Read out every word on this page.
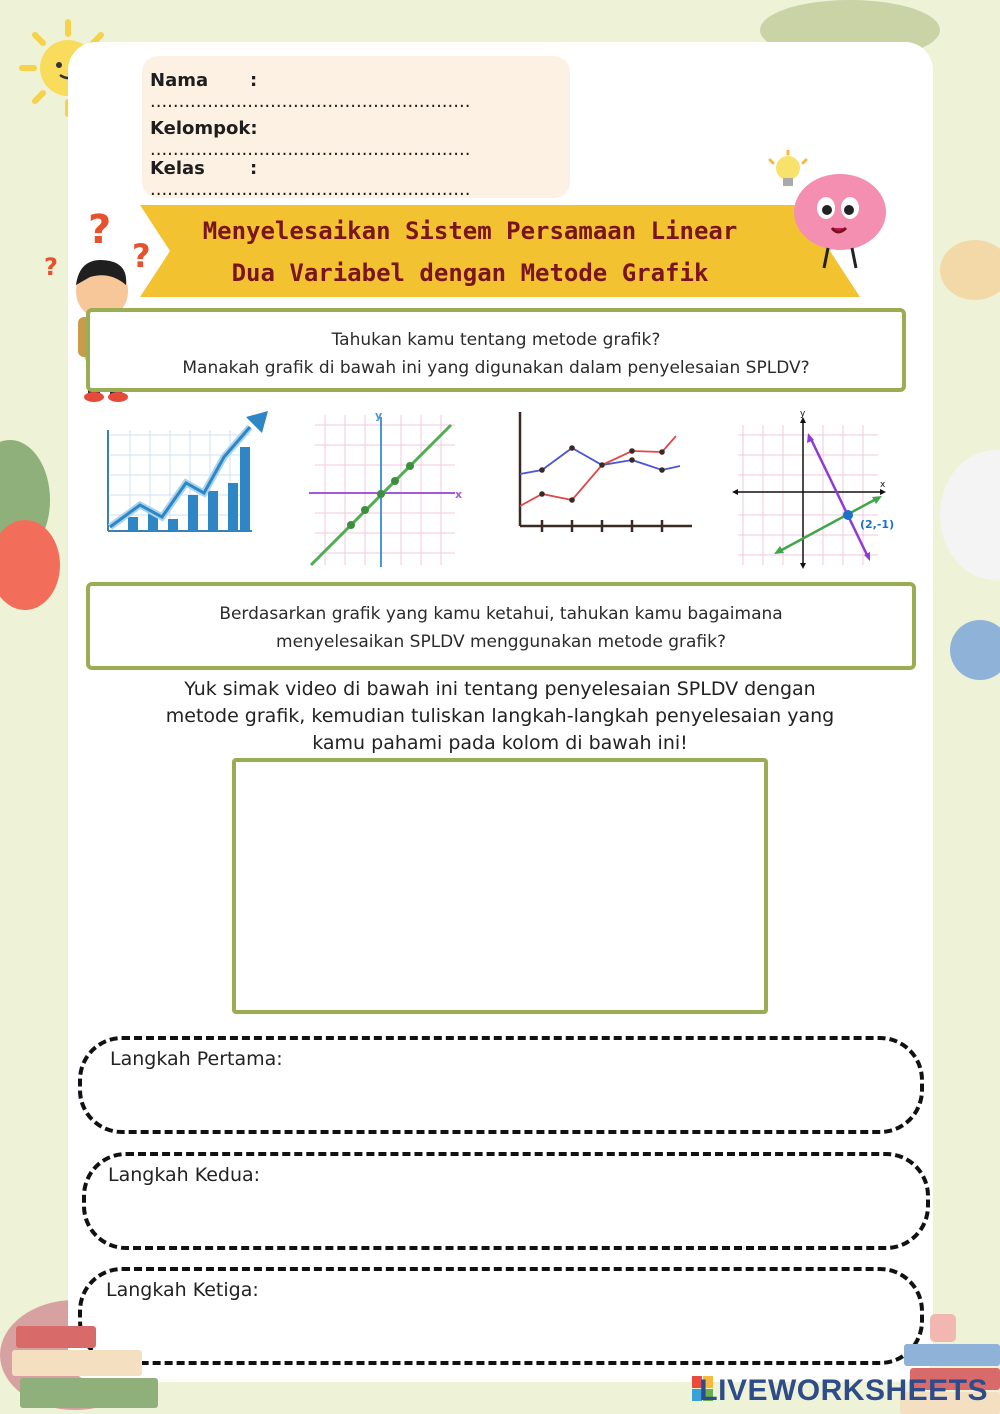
Nama :........................................................
Kelompok:........................................................
Kelas	:........................................................
Menyelesaikan Sistem Persamaan Linear
Dua Variabel dengan Metode Grafik
?
?
?
Tahukan kamu tentang metode grafik?
Manakah grafik di bawah ini yang digunakan dalam penyelesaian SPLDV?
y
x
y
x
(2,-1)
Berdasarkan grafik yang kamu ketahui, tahukan kamu bagaimana
menyelesaikan SPLDV menggunakan metode grafik?
Yuk simak video di bawah ini tentang penyelesaian SPLDV dengan
metode grafik, kemudian tuliskan langkah-langkah penyelesaian yang
kamu pahami pada kolom di bawah ini!
Langkah Pertama:
Langkah Kedua:
Langkah Ketiga:
LIVEWORKSHEETS
